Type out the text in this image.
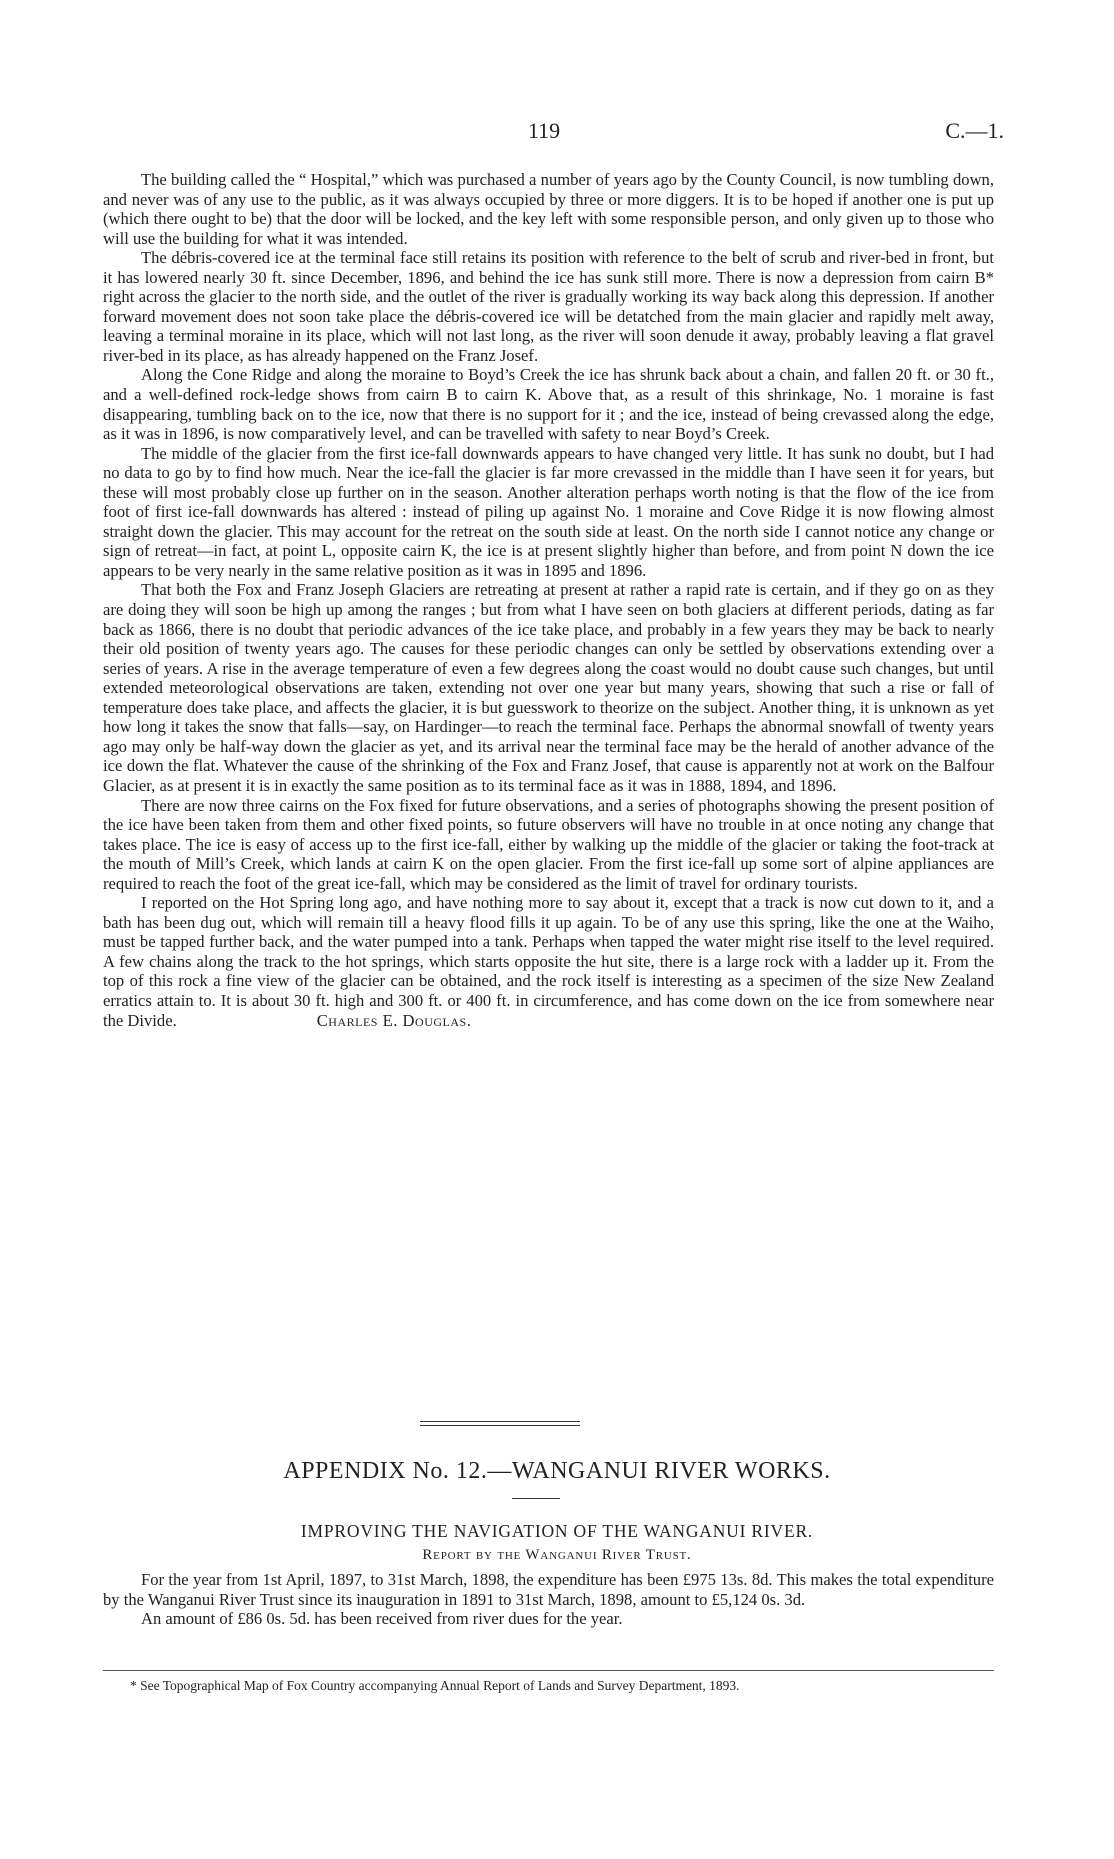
119	C.—1.

The building called the “ Hospital,” which was purchased a number of years ago by the County Council, is now tumbling down, and never was of any use to the public, as it was always occupied by three or more diggers. It is to be hoped if another one is put up (which there ought to be) that the door will be locked, and the key left with some responsible person, and only given up to those who will use the building for what it was intended.

The débris-covered ice at the terminal face still retains its position with reference to the belt of scrub and river-bed in front, but it has lowered nearly 30 ft. since December, 1896, and behind the ice has sunk still more. There is now a depression from cairn B* right across the glacier to the north side, and the outlet of the river is gradually working its way back along this depression. If another forward movement does not soon take place the débris-covered ice will be detatched from the main glacier and rapidly melt away, leaving a terminal moraine in its place, which will not last long, as the river will soon denude it away, probably leaving a flat gravel river-bed in its place, as has already happened on the Franz Josef.

Along the Cone Ridge and along the moraine to Boyd’s Creek the ice has shrunk back about a chain, and fallen 20 ft. or 30 ft., and a well-defined rock-ledge shows from cairn B to cairn K. Above that, as a result of this shrinkage, No. 1 moraine is fast disappearing, tumbling back on to the ice, now that there is no support for it ; and the ice, instead of being crevassed along the edge, as it was in 1896, is now comparatively level, and can be travelled with safety to near Boyd’s Creek.

The middle of the glacier from the first ice-fall downwards appears to have changed very little. It has sunk no doubt, but I had no data to go by to find how much. Near the ice-fall the glacier is far more crevassed in the middle than I have seen it for years, but these will most probably close up further on in the season. Another alteration perhaps worth noting is that the flow of the ice from foot of first ice-fall downwards has altered : instead of piling up against No. 1 moraine and Cove Ridge it is now flowing almost straight down the glacier. This may account for the retreat on the south side at least. On the north side I cannot notice any change or sign of retreat—in fact, at point L, opposite cairn K, the ice is at present slightly higher than before, and from point N down the ice appears to be very nearly in the same relative position as it was in 1895 and 1896.

That both the Fox and Franz Joseph Glaciers are retreating at present at rather a rapid rate is certain, and if they go on as they are doing they will soon be high up among the ranges ; but from what I have seen on both glaciers at different periods, dating as far back as 1866, there is no doubt that periodic advances of the ice take place, and probably in a few years they may be back to nearly their old position of twenty years ago. The causes for these periodic changes can only be settled by observations extending over a series of years. A rise in the average temperature of even a few degrees along the coast would no doubt cause such changes, but until extended meteorological observations are taken, extending not over one year but many years, showing that such a rise or fall of temperature does take place, and affects the glacier, it is but guesswork to theorize on the subject. Another thing, it is unknown as yet how long it takes the snow that falls—say, on Hardinger—to reach the terminal face. Perhaps the abnormal snowfall of twenty years ago may only be half-way down the glacier as yet, and its arrival near the terminal face may be the herald of another advance of the ice down the flat. Whatever the cause of the shrinking of the Fox and Franz Josef, that cause is apparently not at work on the Balfour Glacier, as at present it is in exactly the same position as to its terminal face as it was in 1888, 1894, and 1896.

There are now three cairns on the Fox fixed for future observations, and a series of photographs showing the present position of the ice have been taken from them and other fixed points, so future observers will have no trouble in at once noting any change that takes place. The ice is easy of access up to the first ice-fall, either by walking up the middle of the glacier or taking the foot-track at the mouth of Mill’s Creek, which lands at cairn K on the open glacier. From the first ice-fall up some sort of alpine appliances are required to reach the foot of the great ice-fall, which may be considered as the limit of travel for ordinary tourists.

I reported on the Hot Spring long ago, and have nothing more to say about it, except that a track is now cut down to it, and a bath has been dug out, which will remain till a heavy flood fills it up again. To be of any use this spring, like the one at the Waiho, must be tapped further back, and the water pumped into a tank. Perhaps when tapped the water might rise itself to the level required. A few chains along the track to the hot springs, which starts opposite the hut site, there is a large rock with a ladder up it. From the top of this rock a fine view of the glacier can be obtained, and the rock itself is interesting as a specimen of the size New Zealand erratics attain to. It is about 30 ft. high and 300 ft. or 400 ft. in circumference, and has come down on the ice from somewhere near the Divide.	Charles E. Douglas.

APPENDIX No. 12.—WANGANUI RIVER WORKS.
IMPROVING THE NAVIGATION OF THE WANGANUI RIVER.
Report by the Wanganui River Trust.

For the year from 1st April, 1897, to 31st March, 1898, the expenditure has been £975 13s. 8d. This makes the total expenditure by the Wanganui River Trust since its inauguration in 1891 to 31st March, 1898, amount to £5,124 0s. 3d.

An amount of £86 0s. 5d. has been received from river dues for the year.

* See Topographical Map of Fox Country accompanying Annual Report of Lands and Survey Department, 1893.
